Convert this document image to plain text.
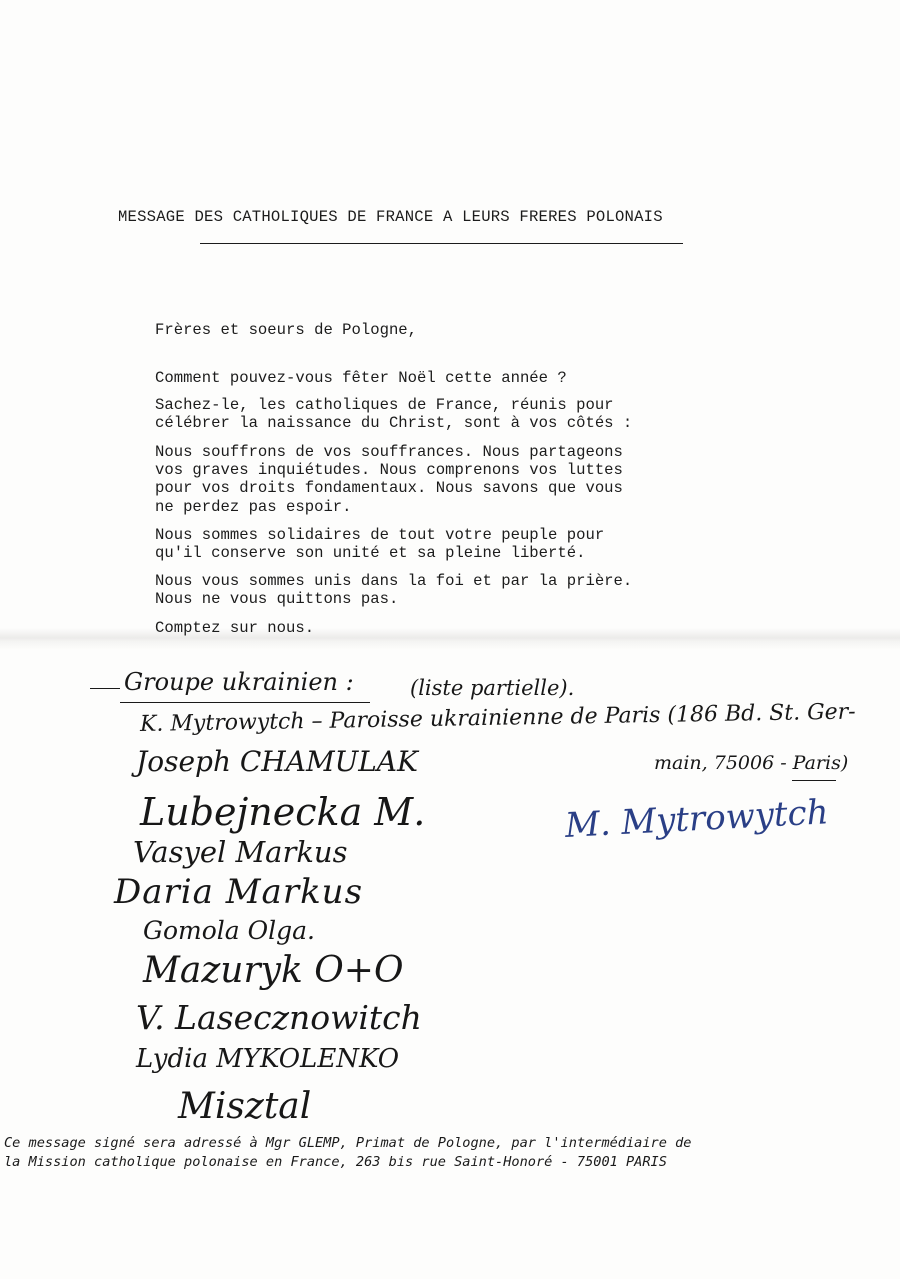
MESSAGE DES CATHOLIQUES DE FRANCE A LEURS FRERES POLONAIS

Frères et soeurs de Pologne,

Comment pouvez-vous fêter Noël cette année ?

Sachez-le, les catholiques de France, réunis pour
célébrer la naissance du Christ, sont à vos côtés :

Nous souffrons de vos souffrances. Nous partageons
vos graves inquiétudes. Nous comprenons vos luttes
pour vos droits fondamentaux. Nous savons que vous
ne perdez pas espoir.

Nous sommes solidaires de tout votre peuple pour
qu'il conserve son unité et sa pleine liberté.

Nous vous sommes unis dans la foi et par la prière.
Nous ne vous quittons pas.

Comptez sur nous.

Groupe ukrainien :	(liste partielle).
K. Mytrowytch – Paroisse ukrainienne de Paris (186 Bd. St. Ger-
main, 75006 - Paris)
Joseph CHAMULAK
Lubejnecka M.
Vasyel Markus
Daria Markus
Gomola Olga.
Mazuryk O+O
V. Lasecznowitch
Lydia MYKOLENKO
Misztal
M. Mytrowytch
Ce message signé sera adressé à Mgr GLEMP, Primat de Pologne, par l'intermédiaire de
la Mission catholique polonaise en France, 263 bis rue Saint-Honoré - 75001 PARIS
